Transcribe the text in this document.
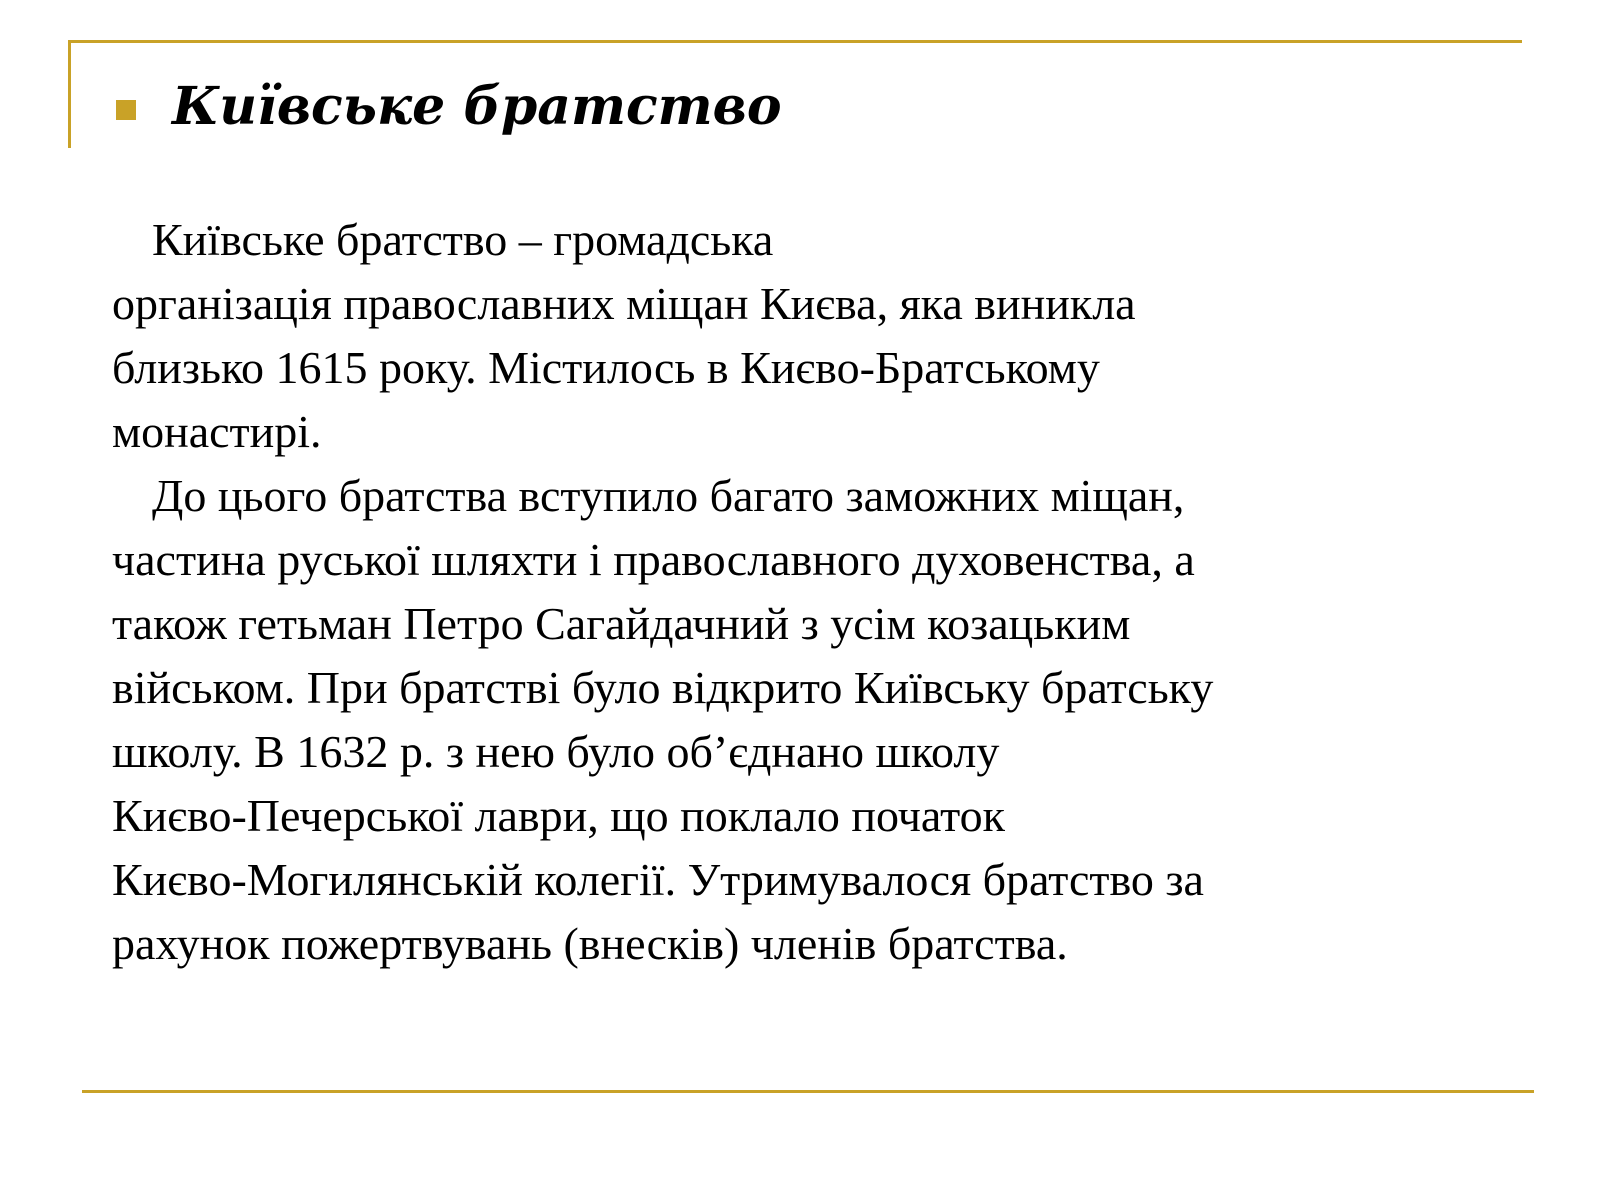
Київське братство
Київське братство – громадська
організація православних міщан Києва, яка виникла
близько 1615 року. Містилось в Києво-Братському
монастирі.
До цього братства вступило багато заможних міщан,
частина руської шляхти і православного духовенства, а
також гетьман Петро Сагайдачний з усім козацьким
військом. При братстві було відкрито Київську братську
школу. В 1632 р. з нею було об’єднано школу
Києво-Печерської лаври, що поклало початок
Києво-Могилянській колегії. Утримувалося братство за
рахунок пожертвувань (внесків) членів братства.
